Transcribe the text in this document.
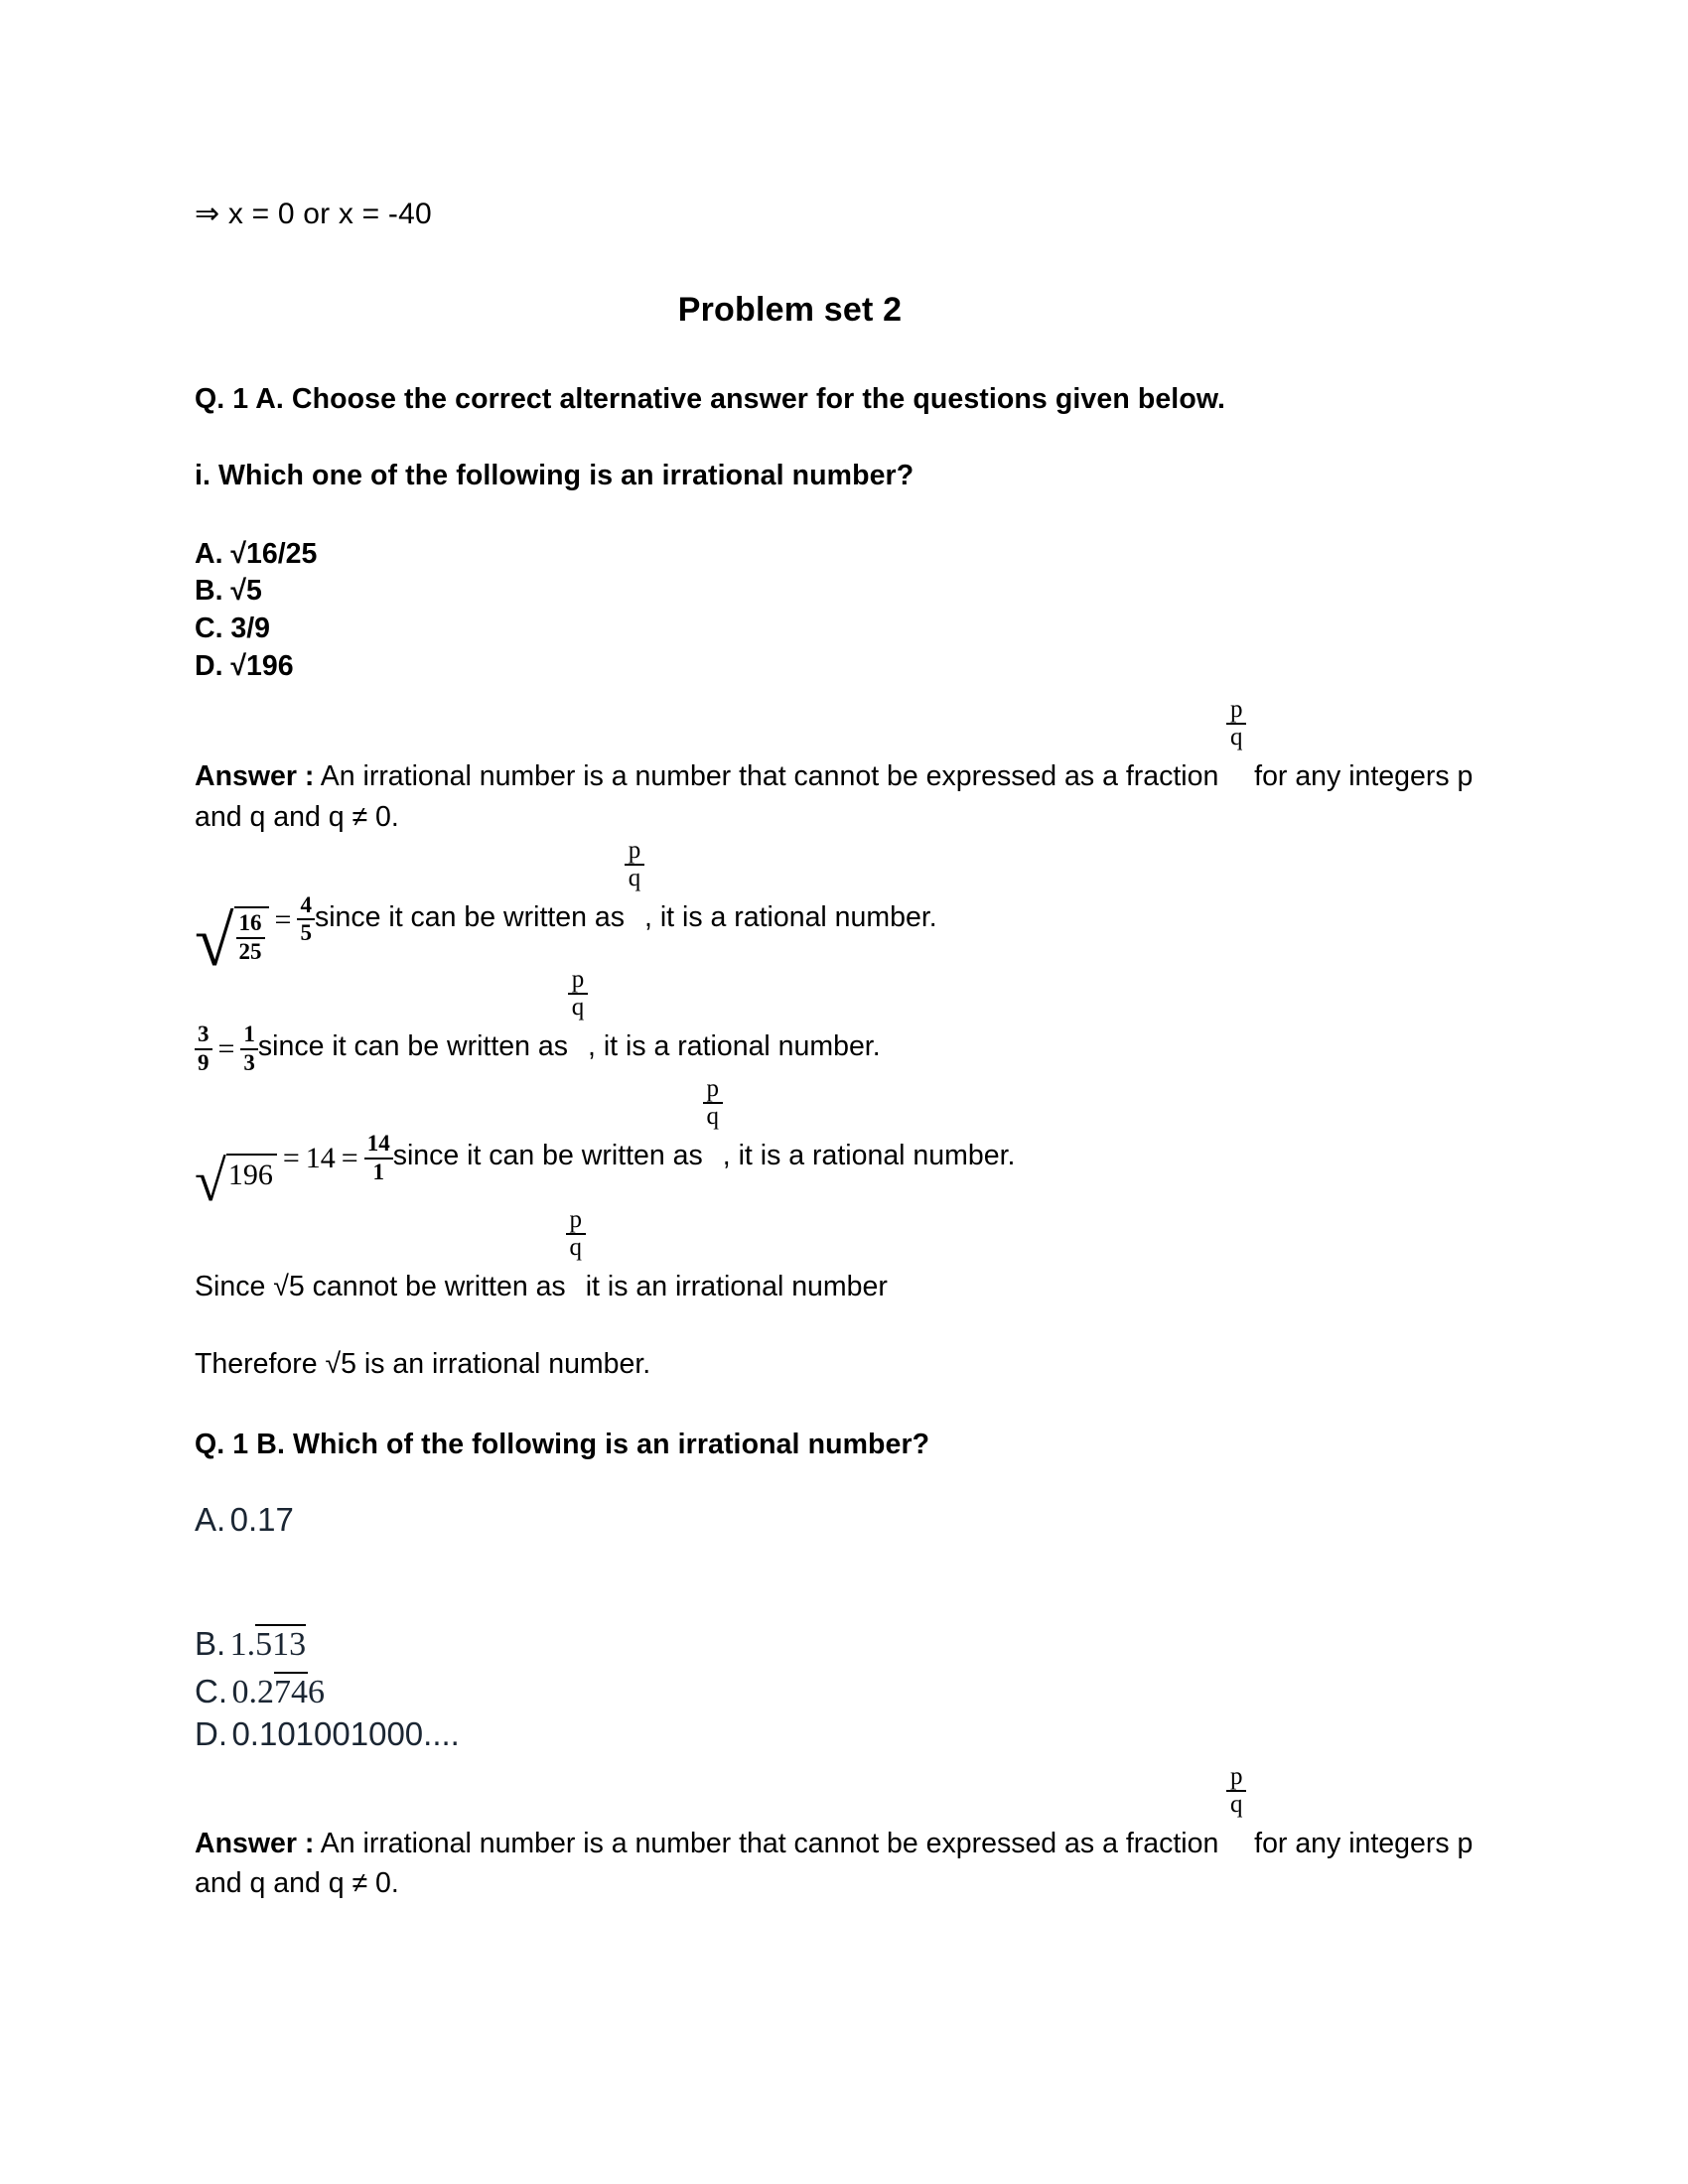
⇒ x = 0 or x = -40
Problem set 2
Q. 1 A. Choose the correct alternative answer for the questions given below.
i. Which one of the following is an irrational number?
A. √16/25
B. √5
C. 3/9
D. √196
Answer : An irrational number is a number that cannot be expressed as a fraction $\frac{p}{q}$ for any integers p and q and q ≠ 0.
√ $\frac{16}{25} = \frac{4}{5}$ since it can be written as $\frac{p}{q}$ , it is a rational number.
$\frac{3}{9} = \frac{1}{3}$ since it can be written as $\frac{p}{q}$ , it is a rational number.
$√196= 14 = \frac{14}{1}$ since it can be written as $\frac{p}{q}$ , it is a rational number.
Since √5 cannot be written as $\frac{p}{q}$ it is an irrational number
Therefore √5 is an irrational number.
Q. 1 B. Which of the following is an irrational number?
A. 0.17
B. 1.513
C. 0.2746
D. 0.101001000....
Answer : An irrational number is a number that cannot be expressed as a fraction $\frac{p}{q}$ for any integers p and q and q ≠ 0.
